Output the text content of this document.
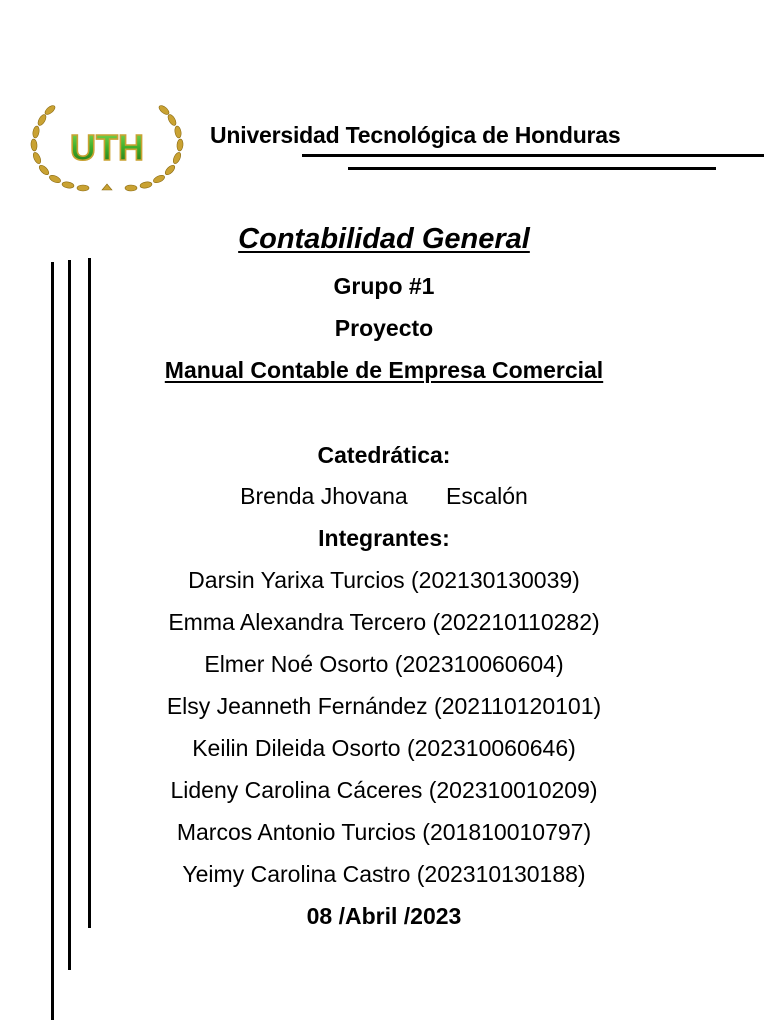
UTH	Universidad Tecnológica de Honduras
Contabilidad General
Grupo #1
Proyecto
Manual Contable de Empresa Comercial
Catedrática:
Brenda Jhovana      Escalón
Integrantes:
Darsin Yarixa Turcios (202130130039)
Emma Alexandra Tercero (202210110282)
Elmer Noé Osorto (202310060604)
Elsy Jeanneth Fernández (202110120101)
Keilin Dileida Osorto (202310060646)
Lideny Carolina Cáceres (202310010209)
Marcos Antonio Turcios (201810010797)
Yeimy Carolina Castro (202310130188)
08 /Abril /2023
